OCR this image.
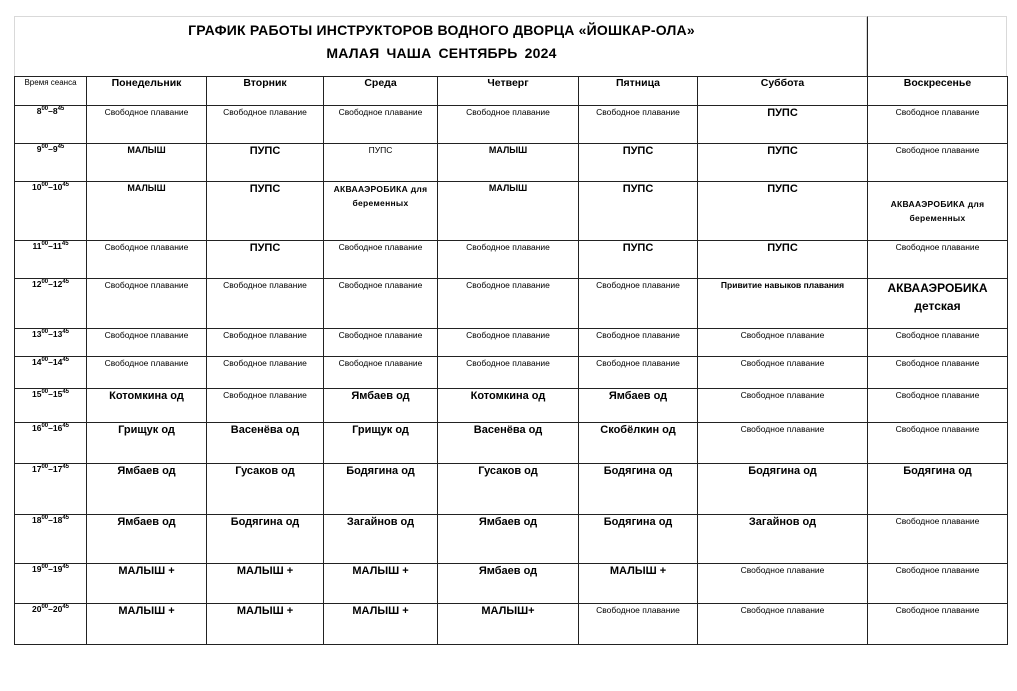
ГРАФИК РАБОТЫ ИНСТРУКТОРОВ ВОДНОГО ДВОРЦА «ЙОШКАР-ОЛА»
МАЛАЯ ЧАША СЕНТЯБРЬ 2024
Время сеанса	Понедельник	Вторник	Среда	Четверг	Пятница	Суббота	Воскресенье
$8^{00}-8^{45}$	Свободное плавание	Свободное плавание	Свободное плавание	Свободное плавание	Свободное плавание	ПУПС	Свободное плавание

$9^{00}-9^{45}$	МАЛЫШ	ПУПС	ПУПС	МАЛЫШ	ПУПС	ПУПС	Свободное плавание

$10^{00}-10^{45}$	МАЛЫШ	ПУПС	АКВААЭРОБИКА для беременных	МАЛЫШ	ПУПС	ПУПС	АКВААЭРОБИКА для беременных

$11^{00}-11^{45}$	Свободное плавание	ПУПС	Свободное плавание	Свободное плавание	ПУПС	ПУПС	Свободное плавание

$12^{00}-12^{45}$	Свободное плавание	Свободное плавание	Свободное плавание	Свободное плавание	Свободное плавание	Привитие навыков плавания	АКВААЭРОБИКА детская

$13^{00}-13^{45}$	Свободное плавание	Свободное плавание	Свободное плавание	Свободное плавание	Свободное плавание	Свободное плавание	Свободное плавание

$14^{00}-14^{45}$	Свободное плавание	Свободное плавание	Свободное плавание	Свободное плавание	Свободное плавание	Свободное плавание	Свободное плавание

$15^{00}-15^{45}$	Котомкина од	Свободное плавание	Ямбаев од	Котомкина од	Ямбаев од	Свободное плавание	Свободное плавание

$16^{00}-16^{45}$	Грищук од	Васенёва од	Грищук од	Васенёва од	Скобёлкин од	Свободное плавание	Свободное плавание

$17^{00}-17^{45}$	Ямбаев од	Гусаков од	Бодягина од	Гусаков од	Бодягина од	Бодягина од	Бодягина од

$18^{00}-18^{45}$	Ямбаев од	Бодягина од	Загайнов од	Ямбаев од	Бодягина од	Загайнов од	Свободное плавание

$19^{00}-19^{45}$	МАЛЫШ +	МАЛЫШ +	МАЛЫШ +	Ямбаев од	МАЛЫШ +	Свободное плавание	Свободное плавание

$20^{00}-20^{45}$	МАЛЫШ +	МАЛЫШ +	МАЛЫШ +	МАЛЫШ+	Свободное плавание	Свободное плавание	Свободное плавание
